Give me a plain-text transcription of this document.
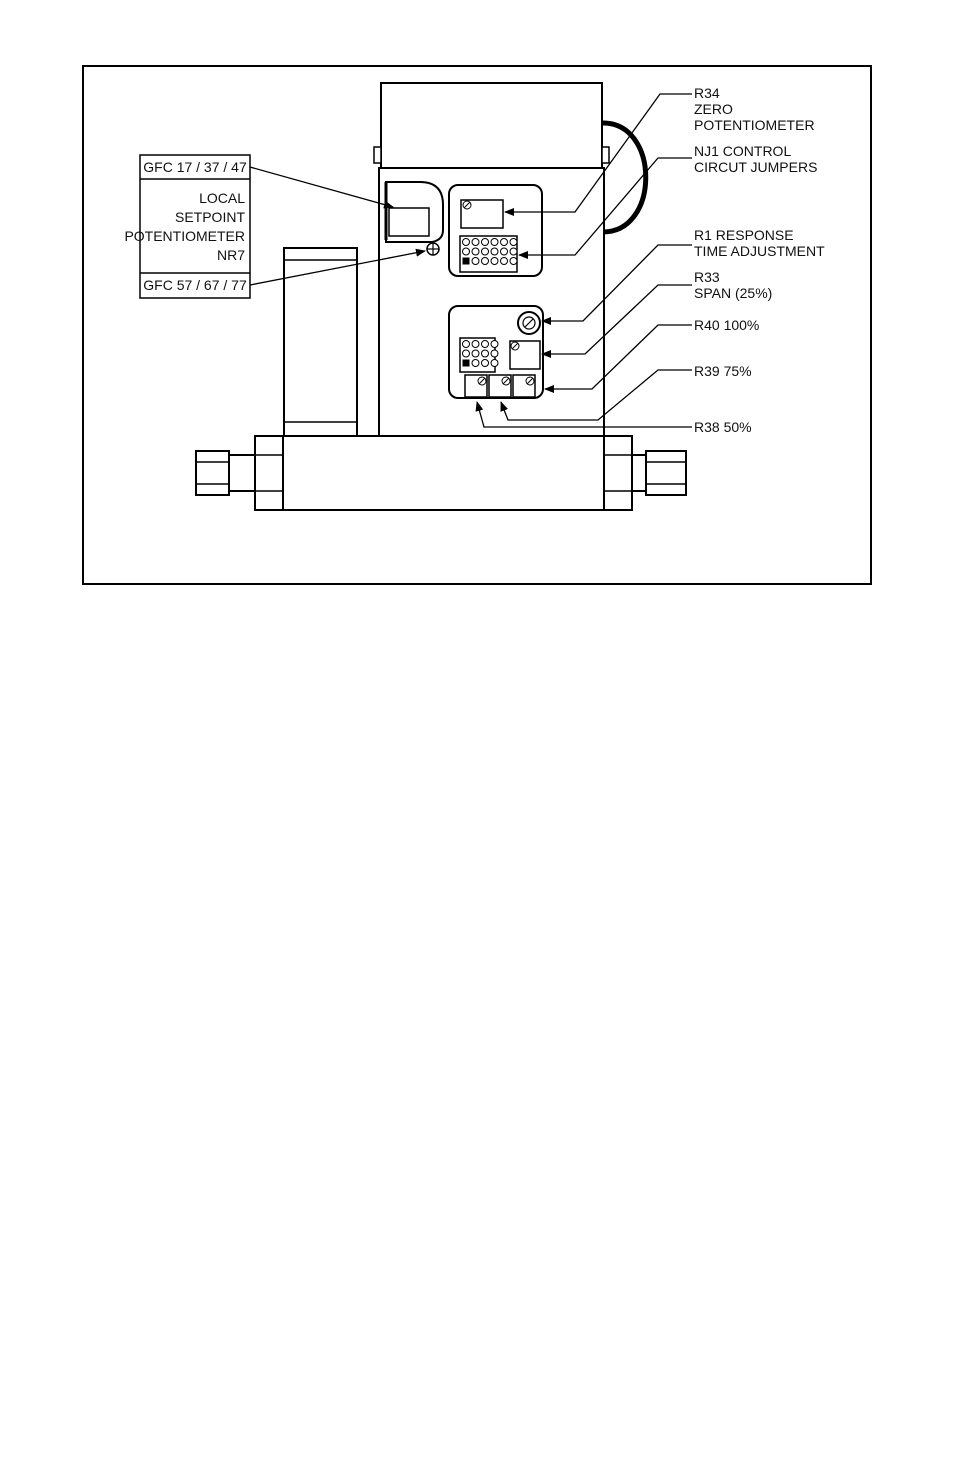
GFC 17 / 37 / 47
LOCAL
SETPOINT
POTENTIOMETER
NR7
GFC 57 / 67 / 77
R34
ZERO
POTENTIOMETER
NJ1 CONTROL
CIRCUT JUMPERS
R1 RESPONSE
TIME ADJUSTMENT
R33
SPAN (25%)
R40 100%
R39 75%
R38 50%
